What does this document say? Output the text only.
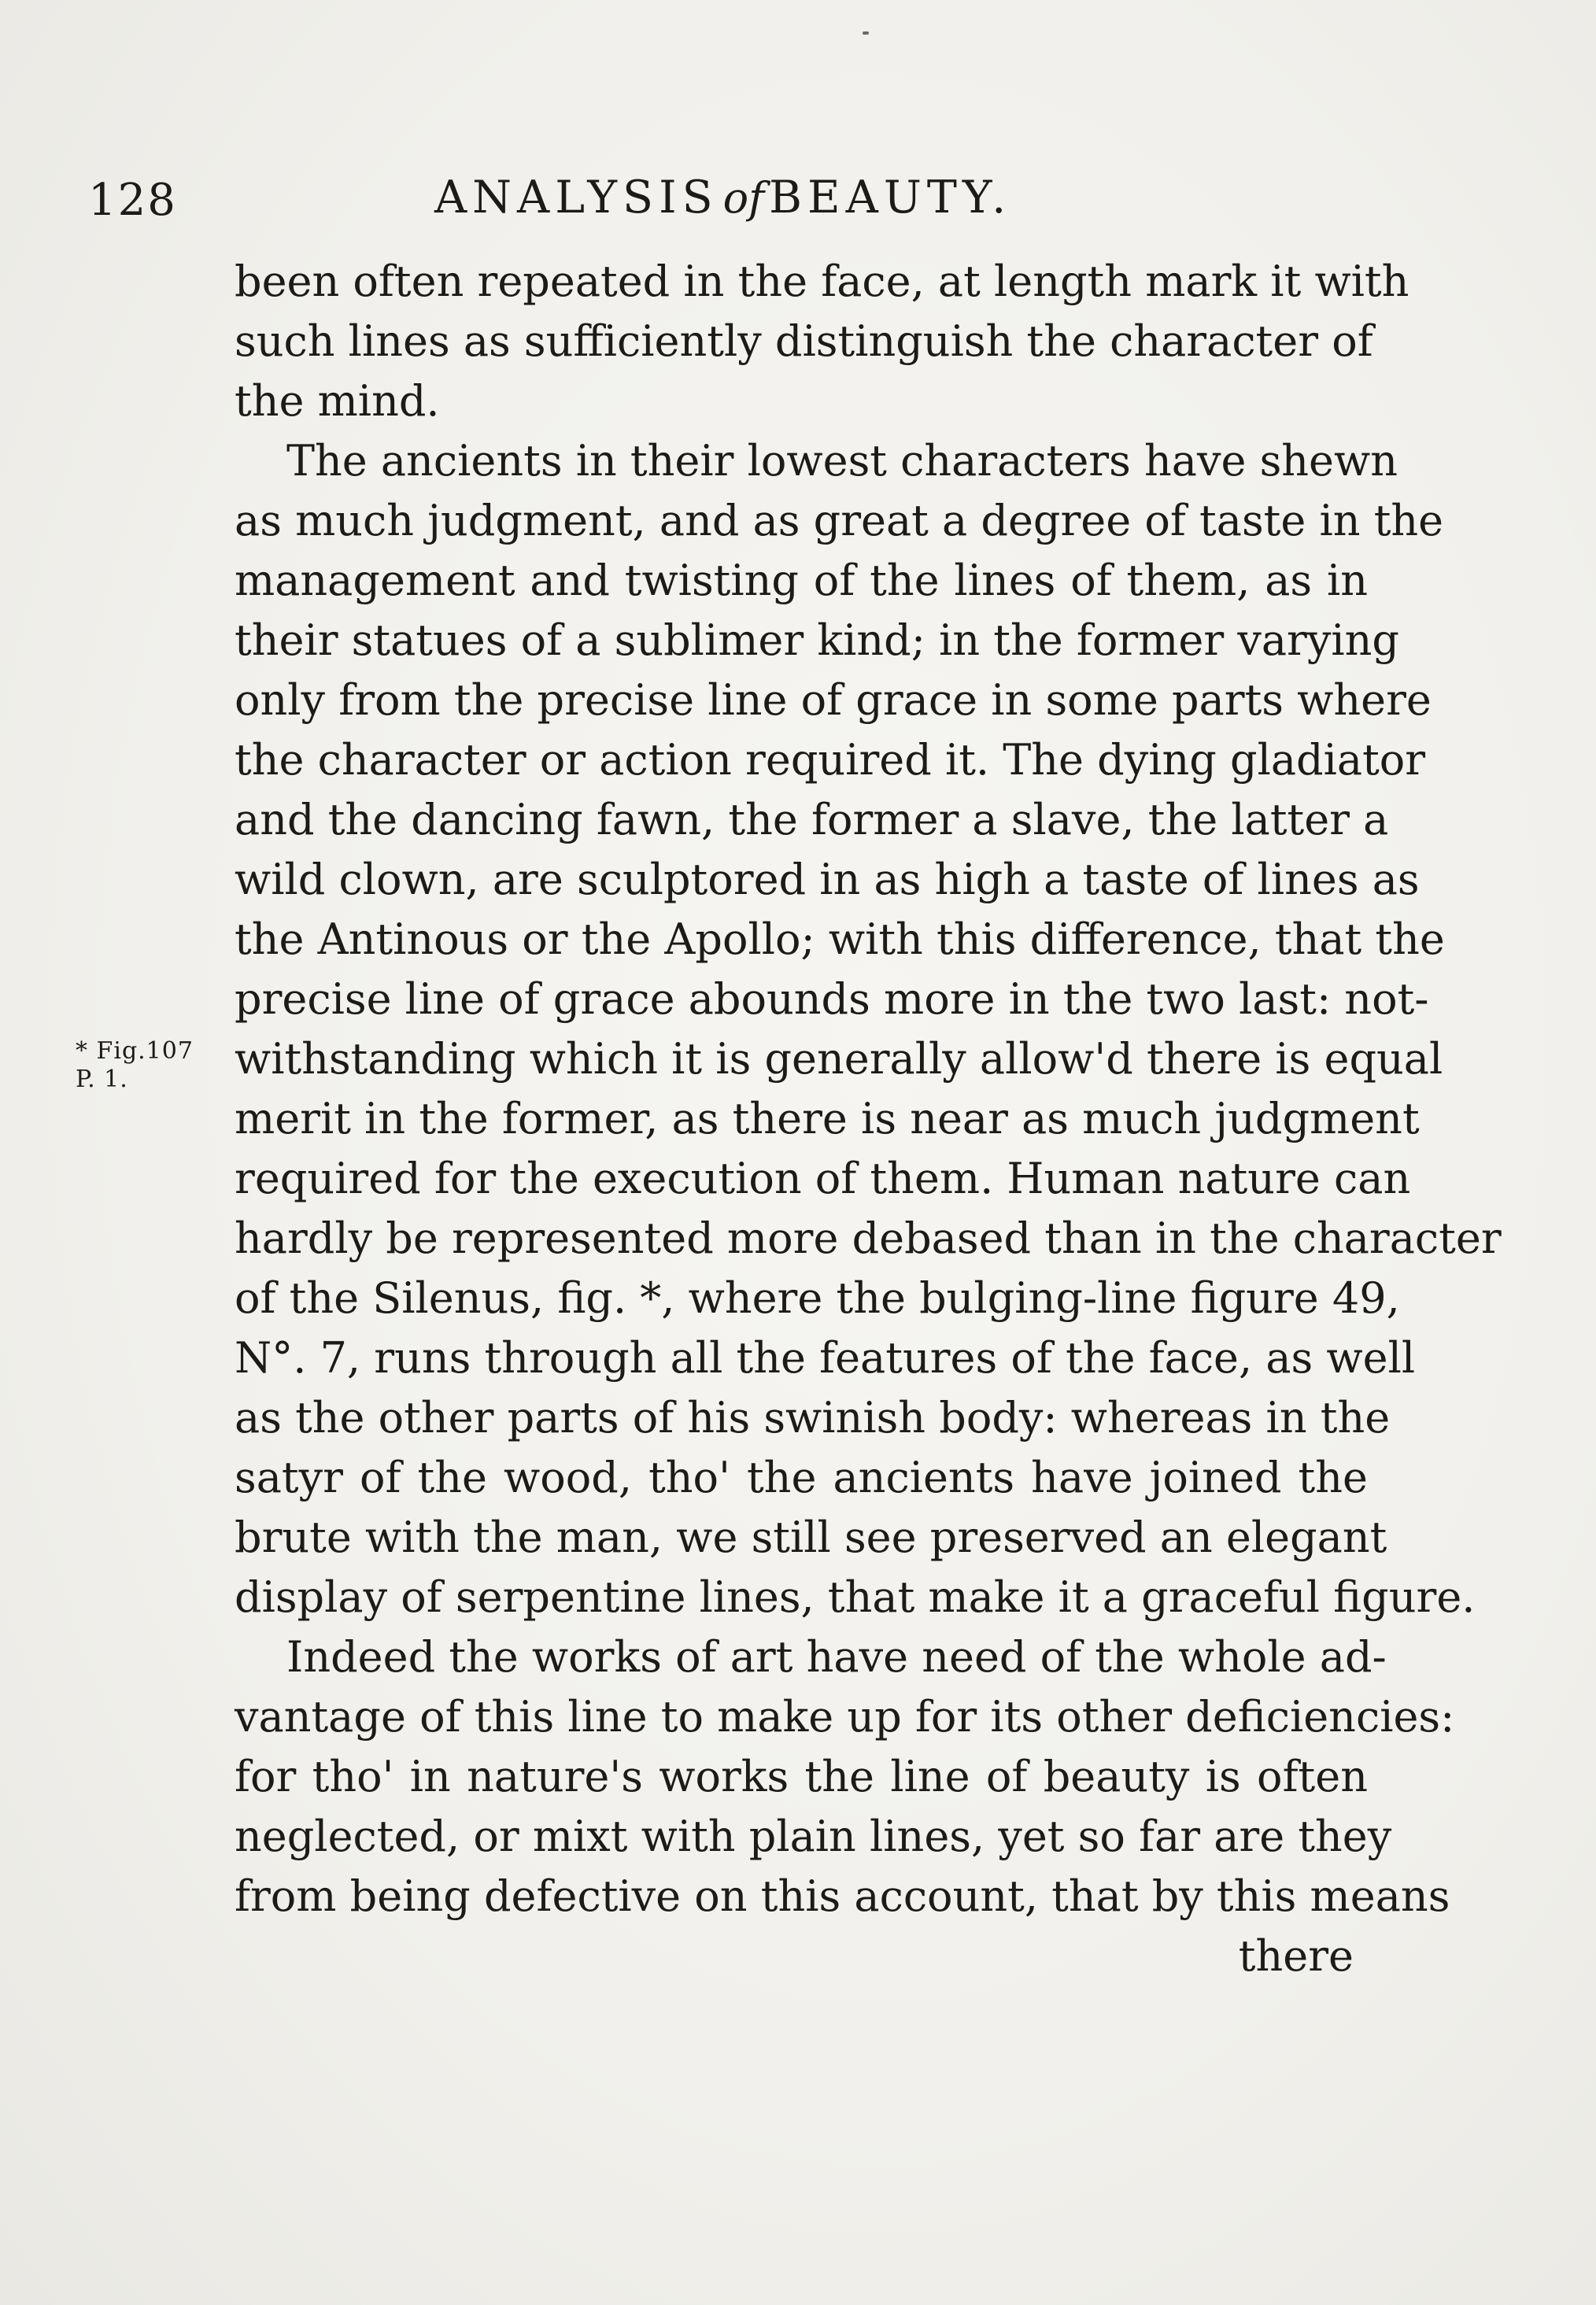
128	ANALYSIS of BEAUTY.
* Fig.107
P. 1.
been often repeated in the face, at length mark it with
such lines as sufficiently distinguish the character of
the mind.
The ancients in their lowest characters have shewn
as much judgment, and as great a degree of taste in the
management and twisting of the lines of them, as in
their statues of a sublimer kind; in the former varying
only from the precise line of grace in some parts where
the character or action required it. The dying gladiator
and the dancing fawn, the former a slave, the latter a
wild clown, are sculptored in as high a taste of lines as
the Antinous or the Apollo; with this difference, that the
precise line of grace abounds more in the two last: not-
withstanding which it is generally allow'd there is equal
merit in the former, as there is near as much judgment
required for the execution of them. Human nature can
hardly be represented more debased than in the character
of the Silenus, fig. *, where the bulging-line figure 49,
N°. 7, runs through all the features of the face, as well
as the other parts of his swinish body: whereas in the
satyr of the wood, tho' the ancients have joined the
brute with the man, we still see preserved an elegant
display of serpentine lines, that make it a graceful figure.
Indeed the works of art have need of the whole ad-
vantage of this line to make up for its other deficiencies:
for tho' in nature's works the line of beauty is often
neglected, or mixt with plain lines, yet so far are they
from being defective on this account, that by this means
there
